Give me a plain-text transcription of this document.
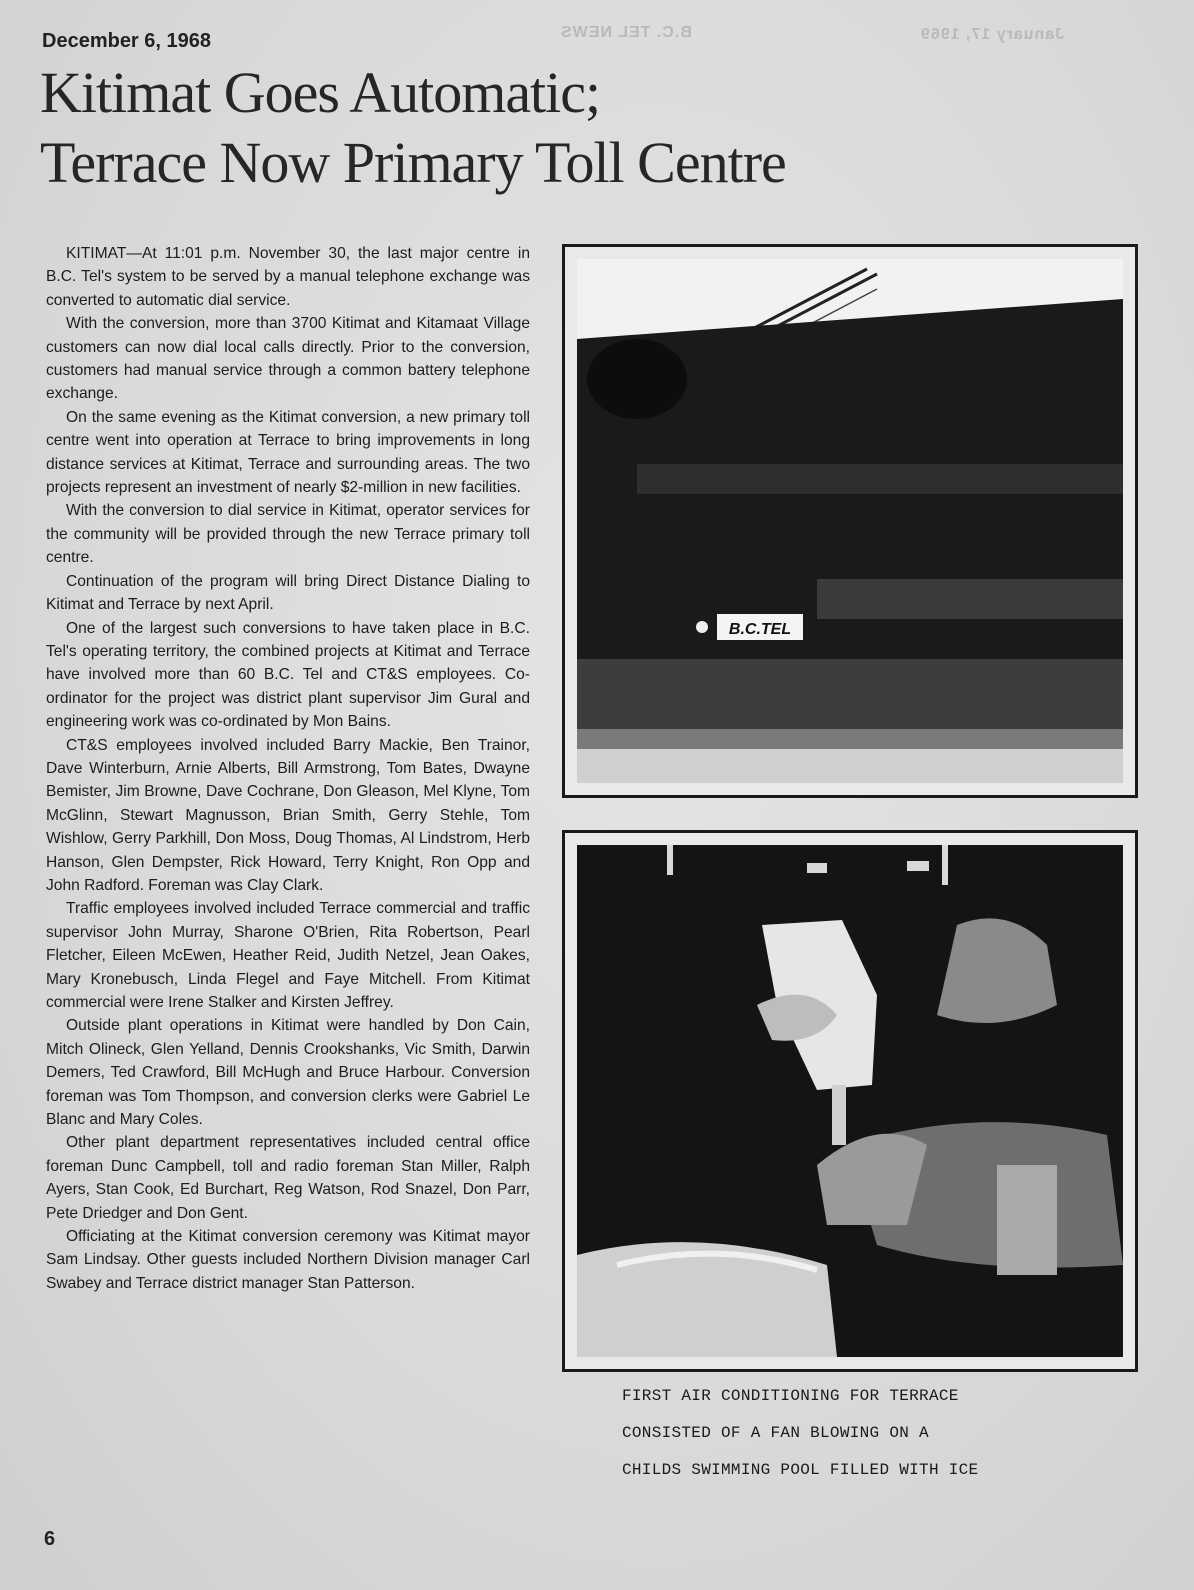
January 17, 1969
B.C. TEL NEWS
December 6, 1968
Kitimat Goes Automatic;
Terrace Now Primary Toll Centre

KITIMAT—At 11:01 p.m. November 30, the last major centre in B.C. Tel's system to be served by a manual telephone exchange was converted to automatic dial service.

With the conversion, more than 3700 Kitimat and Kitamaat Village customers can now dial local calls directly. Prior to the conversion, customers had manual service through a common battery telephone exchange.

On the same evening as the Kitimat conversion, a new primary toll centre went into operation at Terrace to bring improvements in long distance services at Kitimat, Terrace and surrounding areas. The two projects represent an investment of nearly $2-million in new facilities.

With the conversion to dial service in Kitimat, operator services for the community will be provided through the new Terrace primary toll centre.

Continuation of the program will bring Direct Distance Dialing to Kitimat and Terrace by next April.

One of the largest such conversions to have taken place in B.C. Tel's operating territory, the combined projects at Kitimat and Terrace have involved more than 60 B.C. Tel and CT&S employees. Co-ordinator for the project was district plant supervisor Jim Gural and engineering work was co-ordinated by Mon Bains.

CT&S employees involved included Barry Mackie, Ben Trainor, Dave Winterburn, Arnie Alberts, Bill Armstrong, Tom Bates, Dwayne Bemister, Jim Browne, Dave Cochrane, Don Gleason, Mel Klyne, Tom McGlinn, Stewart Magnusson, Brian Smith, Gerry Stehle, Tom Wishlow, Gerry Parkhill, Don Moss, Doug Thomas, Al Lindstrom, Herb Hanson, Glen Dempster, Rick Howard, Terry Knight, Ron Opp and John Radford. Foreman was Clay Clark.

Traffic employees involved included Terrace commercial and traffic supervisor John Murray, Sharone O'Brien, Rita Robertson, Pearl Fletcher, Eileen McEwen, Heather Reid, Judith Netzel, Jean Oakes, Mary Kronebusch, Linda Flegel and Faye Mitchell. From Kitimat commercial were Irene Stalker and Kirsten Jeffrey.

Outside plant operations in Kitimat were handled by Don Cain, Mitch Olineck, Glen Yelland, Dennis Crookshanks, Vic Smith, Darwin Demers, Ted Crawford, Bill McHugh and Bruce Harbour. Conversion foreman was Tom Thompson, and conversion clerks were Gabriel Le Blanc and Mary Coles.

Other plant department representatives included central office foreman Dunc Campbell, toll and radio foreman Stan Miller, Ralph Ayers, Stan Cook, Ed Burchart, Reg Watson, Rod Snazel, Don Parr, Pete Driedger and Don Gent.

Officiating at the Kitimat conversion ceremony was Kitimat mayor Sam Lindsay. Other guests included Northern Division manager Carl Swabey and Terrace district manager Stan Patterson.

B.C.TEL
FIRST AIR CONDITIONING FOR TERRACE
CONSISTED OF A FAN BLOWING ON A
CHILDS SWIMMING POOL FILLED WITH ICE
6
